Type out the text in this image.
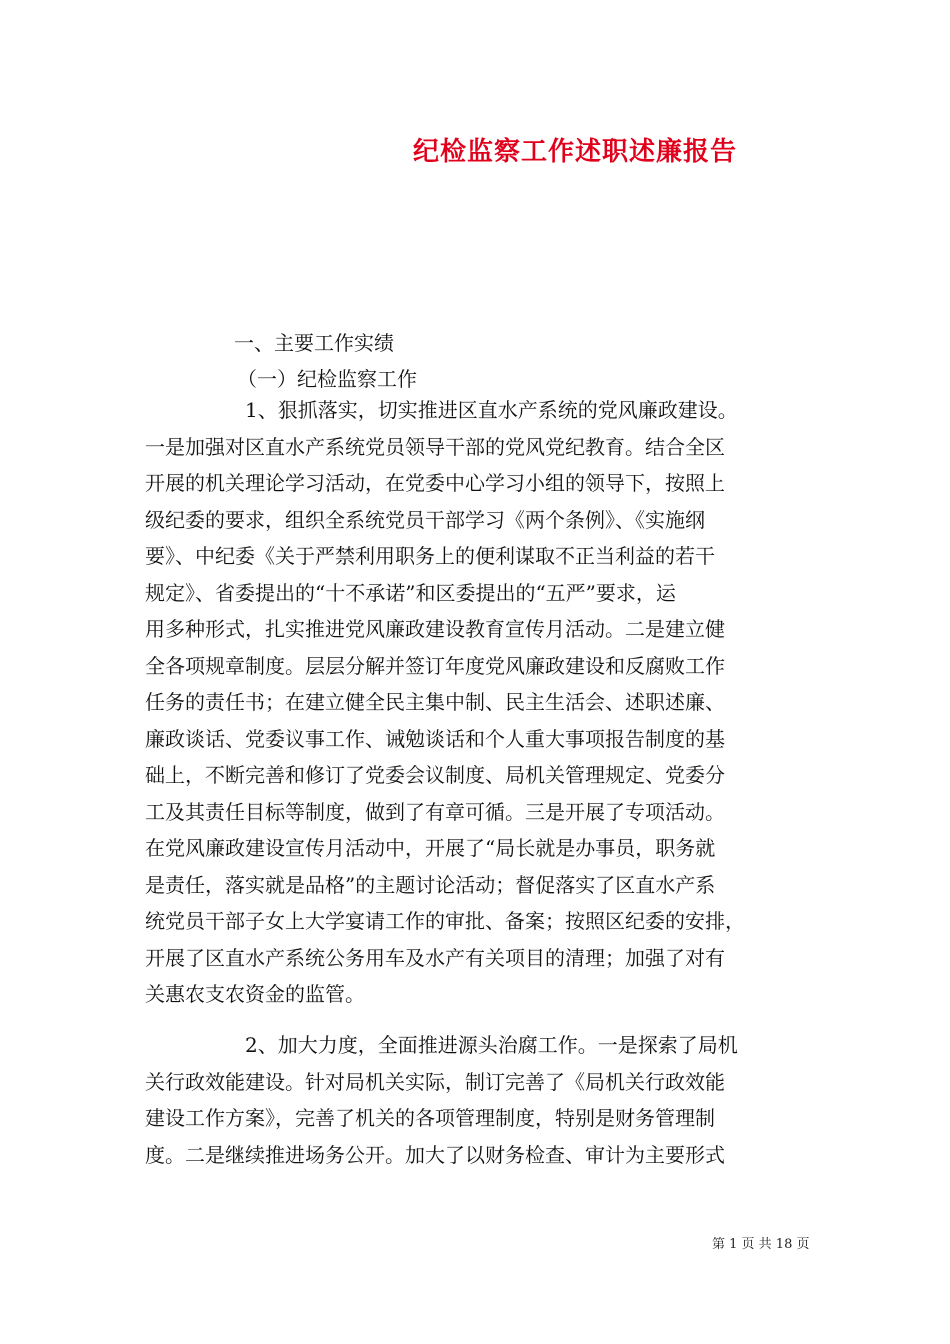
纪检监察工作述职述廉报告
一、主要工作实绩
（一）纪检监察工作
1、狠抓落实，切实推进区直水产系统的党风廉政建设。
一是加强对区直水产系统党员领导干部的党风党纪教育。结合全区
开展的机关理论学习活动，在党委中心学习小组的领导下，按照上
级纪委的要求，组织全系统党员干部学习《两个条例》、《实施纲
要》、中纪委《关于严禁利用职务上的便利谋取不正当利益的若干
规定》、省委提出的“十不承诺”和区委提出的“五严”要求，运
用多种形式，扎实推进党风廉政建设教育宣传月活动。二是建立健
全各项规章制度。层层分解并签订年度党风廉政建设和反腐败工作
任务的责任书；在建立健全民主集中制、民主生活会、述职述廉、
廉政谈话、党委议事工作、诫勉谈话和个人重大事项报告制度的基
础上，不断完善和修订了党委会议制度、局机关管理规定、党委分
工及其责任目标等制度，做到了有章可循。三是开展了专项活动。
在党风廉政建设宣传月活动中，开展了“局长就是办事员，职务就
是责任，落实就是品格”的主题讨论活动；督促落实了区直水产系
统党员干部子女上大学宴请工作的审批、备案；按照区纪委的安排，
开展了区直水产系统公务用车及水产有关项目的清理；加强了对有
关惠农支农资金的监管。
2、加大力度，全面推进源头治腐工作。一是探索了局机
关行政效能建设。针对局机关实际，制订完善了《局机关行政效能
建设工作方案》，完善了机关的各项管理制度，特别是财务管理制
度。二是继续推进场务公开。加大了以财务检查、审计为主要形式
第 1 页 共 18 页
